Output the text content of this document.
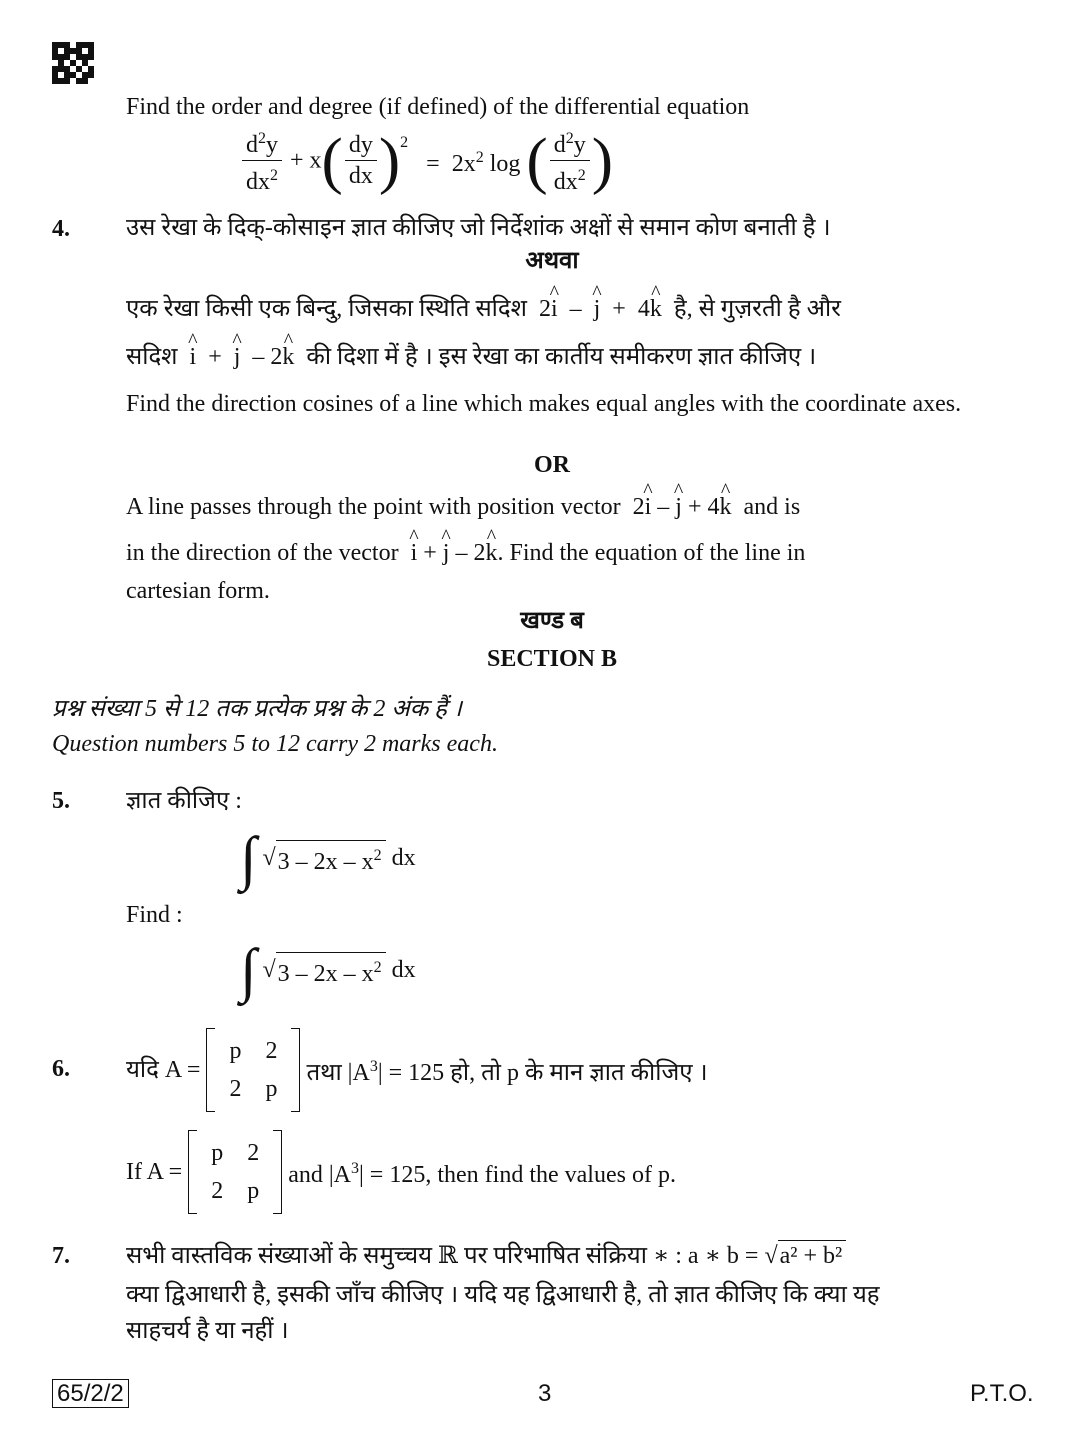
Find the order and degree (if defined) of the differential equation
$\frac{d^2y}{dx^2} + x( \frac{dy}{dx} )^2 = 2x^2$ log ( $\frac{d^2y}{dx^2}$ )
4. उस रेखा के दिक्-कोसाइन ज्ञात कीजिए जो निर्देशांक अक्षों से समान कोण बनाती है ।
अथवा
एक रेखा किसी एक बिन्दु, जिसका स्थिति सदिश  2^ i  –  ^ j  +  4^ k है, से गुज़रती है और
सदिश ^ i  +  ^ j  – 2^ k की दिशा में है । इस रेखा का कार्तीय समीकरण ज्ञात कीजिए ।
Find the direction cosines of a line which makes equal angles with the coordinate axes.
OR
A line passes through the point with position vector  2^ i – ^ j + 4^ k and is
in the direction of the vector ^ i + ^ j – 2^ k. Find the equation of the line in
cartesian form.
खण्ड ब
SECTION B
प्रश्न संख्या 5 से 12 तक प्रत्येक प्रश्न के 2 अंक हैं ।
Question numbers 5 to 12 carry 2 marks each.
5. ज्ञात कीजिए :
∫ $√3 - 2x - x^2$ dx
Find :
∫ $√3 - 2x - x^2$ dx
6. यदि A =
p	2
2	p
तथा $|A^3| = 125$ हो, तो p के मान ज्ञात कीजिए ।
If A =
p	2
2	p
and $|A^3| = 125$, then find the values of p.
7. सभी वास्तविक संख्याओं के समुच्चय ℝ पर परिभाषित संक्रिया ∗ : a ∗ b = √a² + b²
क्या द्विआधारी है, इसकी जाँच कीजिए । यदि यह द्विआधारी है, तो ज्ञात कीजिए कि क्या यह
साहचर्य है या नहीं ।
65/2/2	3	P.T.O.
